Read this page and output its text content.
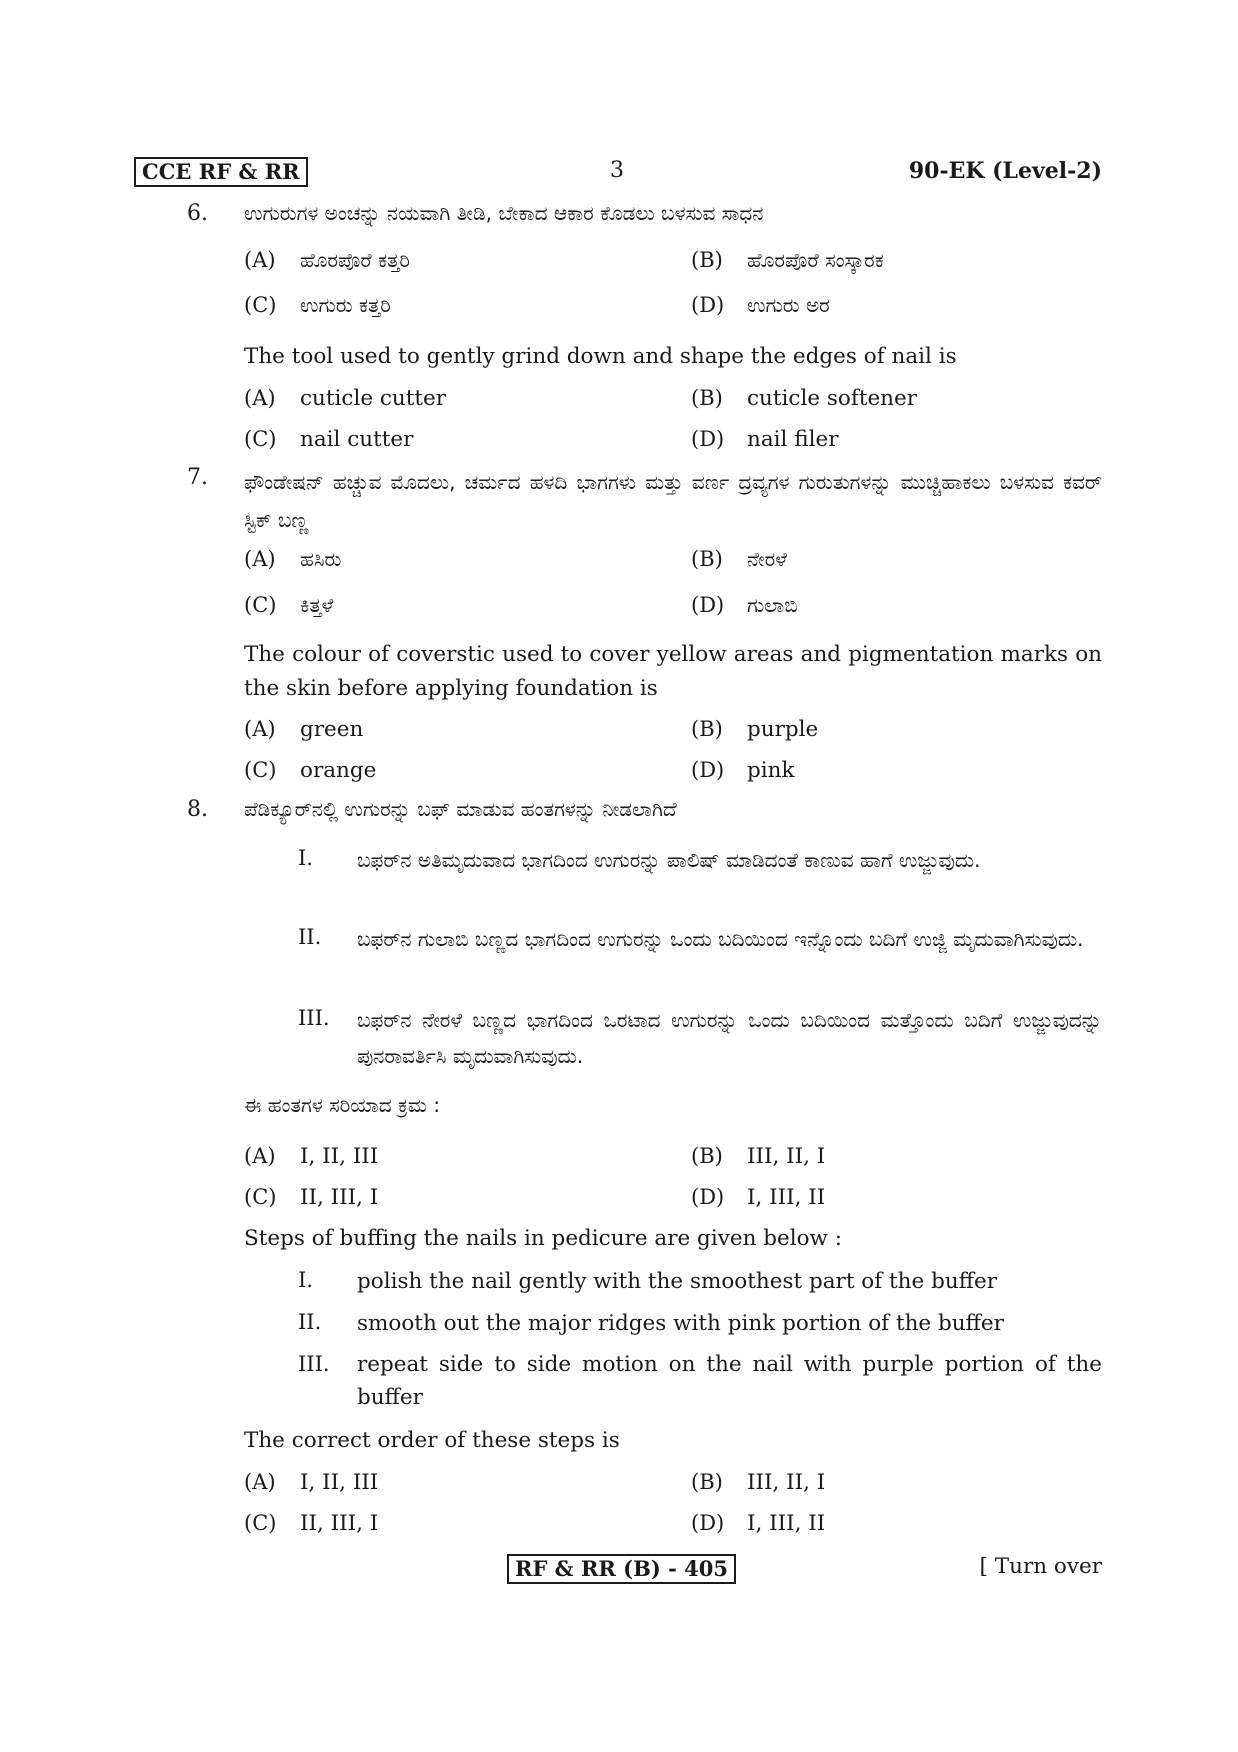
CCE RF & RR	3	90-EK (Level-2)
6. ಉಗುರುಗಳ ಅಂಚನ್ನು ನಯವಾಗಿ ತೀಡಿ, ಬೇಕಾದ ಆಕಾರ ಕೊಡಲು ಬಳಸುವ ಸಾಧನ
(A) ಹೊರಪೊರೆ ಕತ್ತರಿ	(B) ಹೊರಪೊರೆ ಸಂಸ್ಕಾರಕ
(C) ಉಗುರು ಕತ್ತರಿ	(D) ಉಗುರು ಅರ
The tool used to gently grind down and shape the edges of nail is
(A) cuticle cutter	(B) cuticle softener
(C) nail cutter	(D) nail filer
7. ಫೌಂಡೇಷನ್ ಹಚ್ಚುವ ಮೊದಲು, ಚರ್ಮದ ಹಳದಿ ಭಾಗಗಳು ಮತ್ತು ವರ್ಣ ದ್ರವ್ಯಗಳ ಗುರುತುಗಳನ್ನು ಮುಚ್ಚಿಹಾಕಲು ಬಳಸುವ ಕವರ್ ಸ್ಟಿಕ್ ಬಣ್ಣ
(A) ಹಸಿರು	(B) ನೇರಳೆ
(C) ಕಿತ್ತಳೆ	(D) ಗುಲಾಬಿ
The colour of coverstic used to cover yellow areas and pigmentation marks on the skin before applying foundation is
(A) green	(B) purple
(C) orange	(D) pink
8. ಪೆಡಿಕ್ಯೂರ್‌ನಲ್ಲಿ ಉಗುರನ್ನು ಬಫ್ ಮಾಡುವ ಹಂತಗಳನ್ನು ನೀಡಲಾಗಿದೆ
I. ಬಫರ್‌ನ ಅತಿಮೃದುವಾದ ಭಾಗದಿಂದ ಉಗುರನ್ನು ಪಾಲಿಷ್ ಮಾಡಿದಂತೆ ಕಾಣುವ ಹಾಗೆ ಉಜ್ಜುವುದು.
II. ಬಫರ್‌ನ ಗುಲಾಬಿ ಬಣ್ಣದ ಭಾಗದಿಂದ ಉಗುರನ್ನು ಒಂದು ಬದಿಯಿಂದ ಇನ್ನೊಂದು ಬದಿಗೆ ಉಜ್ಜಿ ಮೃದುವಾಗಿಸುವುದು.
III. ಬಫರ್‌ನ ನೇರಳೆ ಬಣ್ಣದ ಭಾಗದಿಂದ ಒರಟಾದ ಉಗುರನ್ನು ಒಂದು ಬದಿಯಿಂದ ಮತ್ತೊಂದು ಬದಿಗೆ ಉಜ್ಜುವುದನ್ನು ಪುನರಾವರ್ತಿಸಿ ಮೃದುವಾಗಿಸುವುದು.
ಈ ಹಂತಗಳ ಸರಿಯಾದ ಕ್ರಮ :
(A) I, II, III	(B) III, II, I
(C) II, III, I	(D) I, III, II
Steps of buffing the nails in pedicure are given below :
I. polish the nail gently with the smoothest part of the buffer
II. smooth out the major ridges with pink portion of the buffer
III. repeat side to side motion on the nail with purple portion of the buffer
The correct order of these steps is
(A) I, II, III	(B) III, II, I
(C) II, III, I	(D) I, III, II
RF & RR (B) - 405	[ Turn over
